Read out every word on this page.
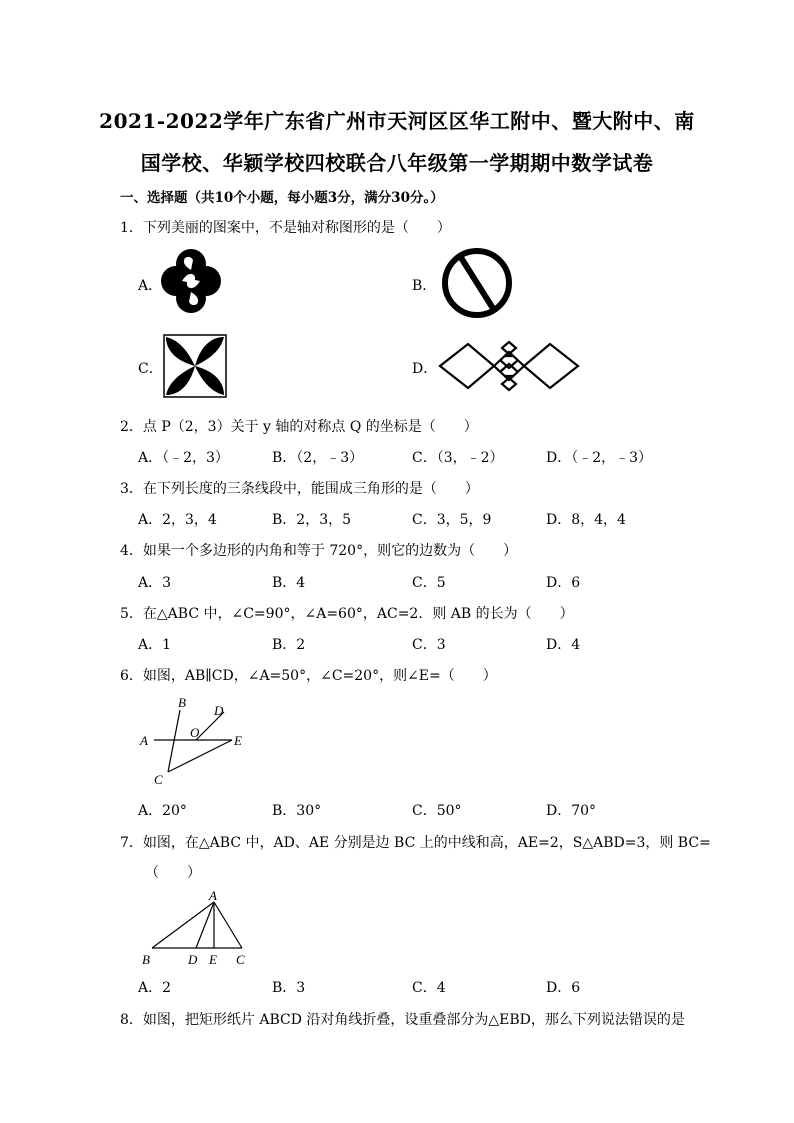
2021-2022学年广东省广州市天河区区华工附中、暨大附中、南
国学校、华颖学校四校联合八年级第一学期期中数学试卷
一、选择题（共10个小题，每小题3分，满分30分。）
1．下列美丽的图案中，不是轴对称图形的是（　　）
A．	B．
C．	D．
2．点 P（2，3）关于 y 轴的对称点 Q 的坐标是（　　）
A．（﹣2，3）	B．（2，﹣3）	C．（3，﹣2）	D．（﹣2，﹣3）
3．在下列长度的三条线段中，能围成三角形的是（　　）
A．2，3，4	B．2，3，5	C．3，5，9	D．8，4，4
4．如果一个多边形的内角和等于 720°，则它的边数为（　　）
A．3	B．4	C．5	D．6
5．在△ABC 中，∠C=90°，∠A=60°，AC=2．则 AB 的长为（　　）
A．1	B．2	C．3	D．4
6．如图，AB∥CD，∠A=50°，∠C=20°，则∠E=（　　）
B
D
A
O
E
C
A．20°	B．30°	C．50°	D．70°
7．如图，在△ABC 中，AD、AE 分别是边 BC 上的中线和高，AE=2，S△ABD=3，则 BC=
（　　）
A
B	D E C
A．2	B．3	C．4	D．6
8．如图，把矩形纸片 ABCD 沿对角线折叠，设重叠部分为△EBD，那么下列说法错误的是
